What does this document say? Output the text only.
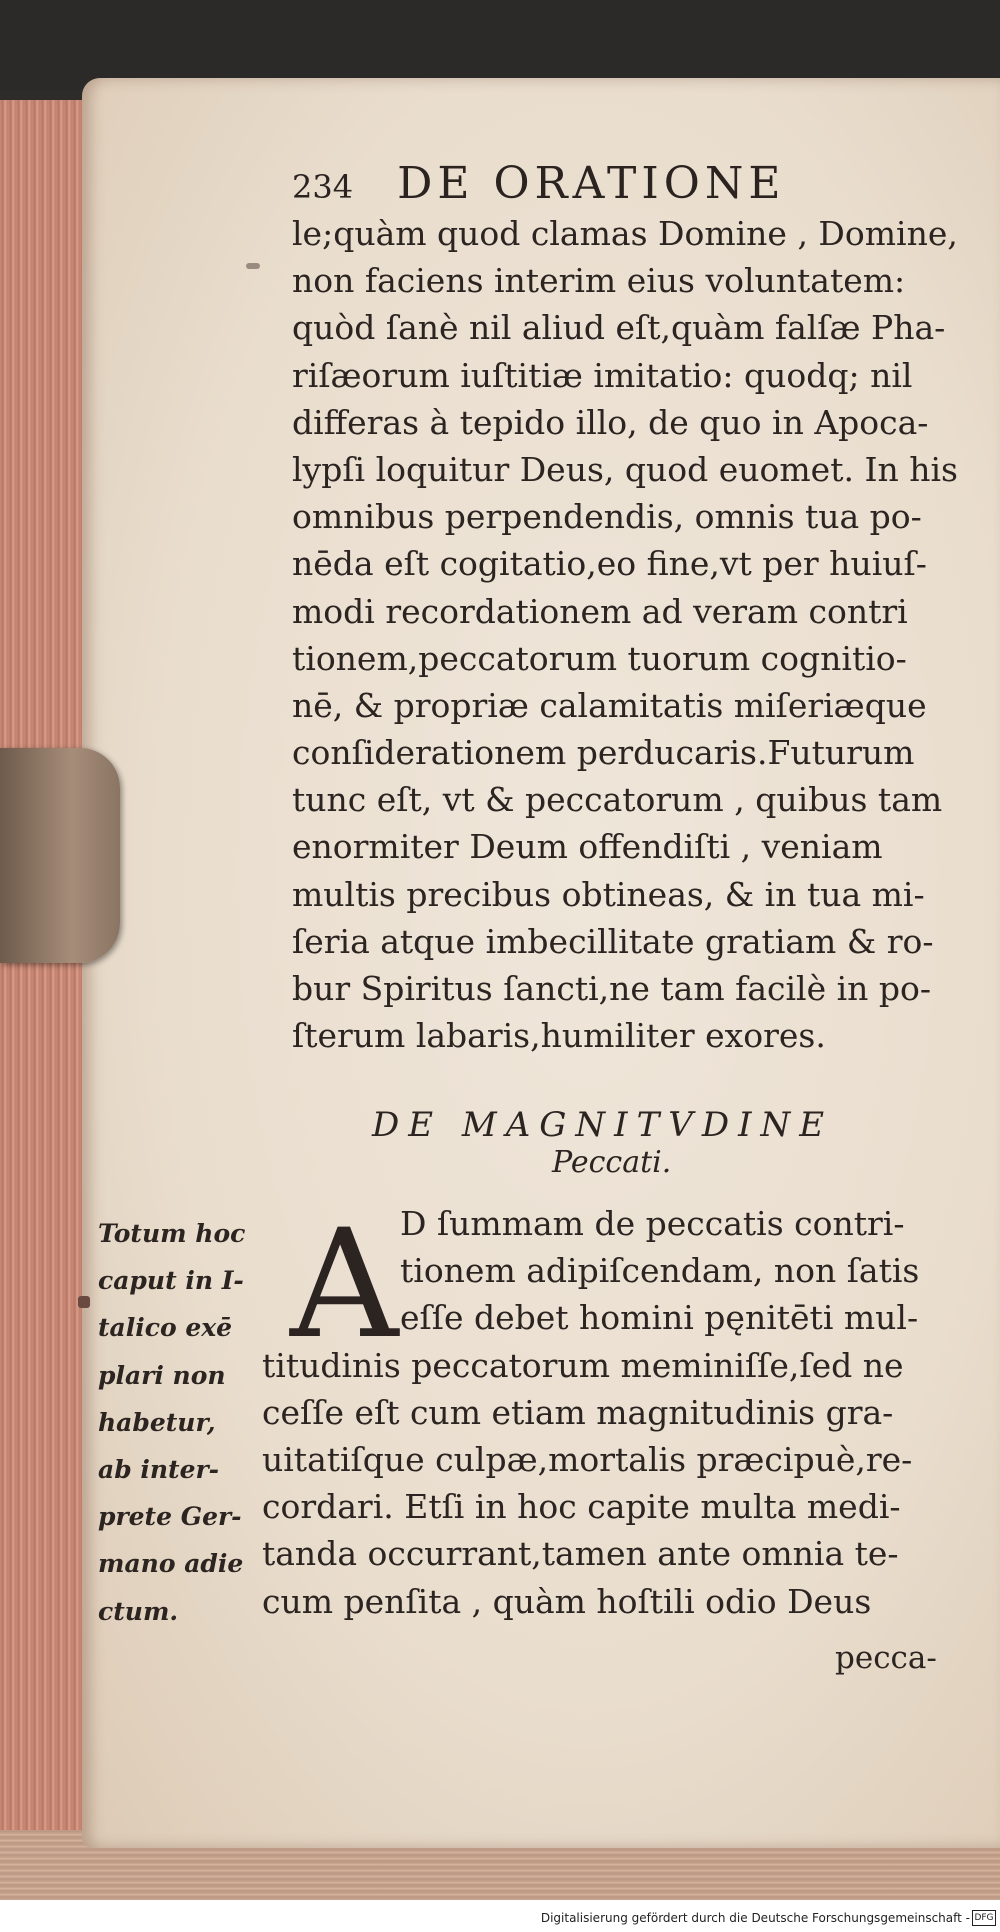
234 DE ORATIONE
le;quàm quod clamas Domine , Domine,
non faciens interim eius voluntatem:
quòd ſanè nil aliud eſt,quàm falſæ Pha-
riſæorum iuſtitiæ imitatio: quodq; nil
differas à tepido illo, de quo in Apoca-
lypſi loquitur Deus, quod euomet. In his
omnibus perpendendis, omnis tua po-
nēda eſt cogitatio,eo fine,vt per huiuſ-
modi recordationem ad veram contri
tionem,peccatorum tuorum cognitio-
nē, & propriæ calamitatis miſeriæque
conſiderationem perducaris.Futurum
tunc eſt, vt & peccatorum , quibus tam
enormiter Deum offendiſti , veniam
multis precibus obtineas, & in tua mi-
ſeria atque imbecillitate gratiam & ro-
bur Spiritus ſancti,ne tam facilè in po-
ſterum labaris,humiliter exores.
DE MAGNITVDINE
Peccati.
Totum hoc
caput in I-
talico exē
plari non
habetur,
ab inter-
prete Ger-
mano adie
ctum.
A D ſummam de peccatis contri-
tionem adipiſcendam, non ſatis
eſſe debet homini pęnitēti mul-
titudinis peccatorum meminiſſe,ſed ne
ceſſe eſt cum etiam magnitudinis gra-
uitatiſque culpæ,mortalis præcipuè,re-
cordari. Etſi in hoc capite multa medi-
tanda occurrant,tamen ante omnia te-
cum penſita , quàm hoſtili odio Deus
pecca-
Digitalisierung gefördert durch die Deutsche Forschungsgemeinschaft - DFG
